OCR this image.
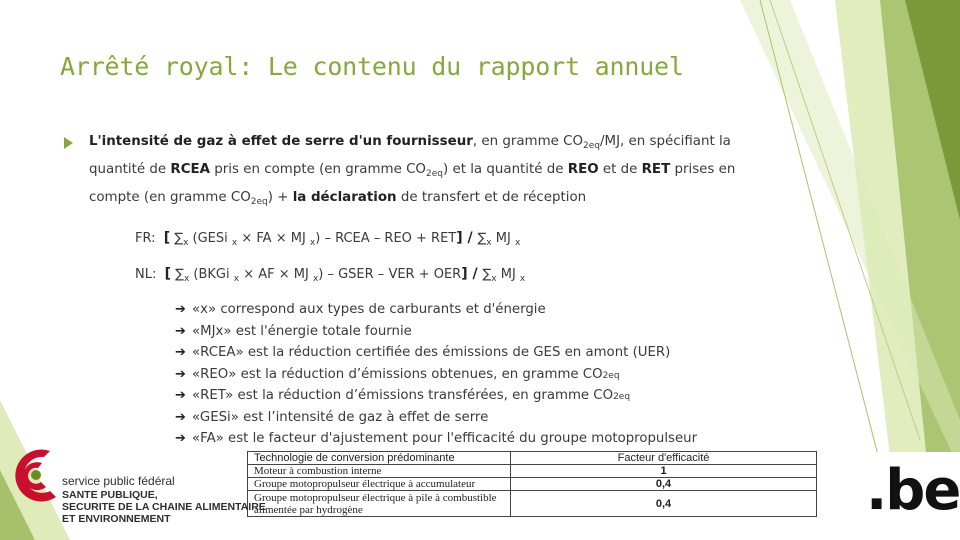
Arrêté royal: Le contenu du rapport annuel
L'intensité de gaz à effet de serre d'un fournisseur, en gramme $CO_{2eq}/MJ$, en spécifiant la
quantité de RCEA pris en compte (en gramme $CO_{2eq}$) et la quantité de REO et de RET prises en
compte (en gramme $CO_{2eq}$) + la déclaration de transfert et de réception
FR: [ $\sum_x$ (GESi $_x$ × FA × MJ $_x$) – RCEA – REO + $RET] / \sum_x$ MJ $_x$
NL: [ $\sum_x$ (BKGi $_x$ × AF × MJ $_x$) – GSER – VER + $OER] / \sum_x$ MJ $_x$
➔ «x» correspond aux types de carburants et d'énergie
➔ «MJx» est l'énergie totale fournie
➔ «RCEA» est la réduction certifiée des émissions de GES en amont (UER)
➔ «REO» est la réduction d’émissions obtenues, en gramme CO 2eq
➔ «RET» est la réduction d’émissions transférées, en gramme CO 2eq
➔ «GESi» est l’intensité de gaz à effet de serre
➔ «FA» est le facteur d'ajustement pour l'efficacité du groupe motopropulseur
Technologie de conversion prédominante	Facteur d'efficacité
Moteur à combustion interne	1
Groupe motopropulseur électrique à accumulateur	0,4
Groupe motopropulseur électrique à pile à combustible alimentée par hydrogène	0,4
service public fédéral
SANTE PUBLIQUE,
SECURITE DE LA CHAINE ALIMENTAIRE
ET ENVIRONNEMENT	.be
